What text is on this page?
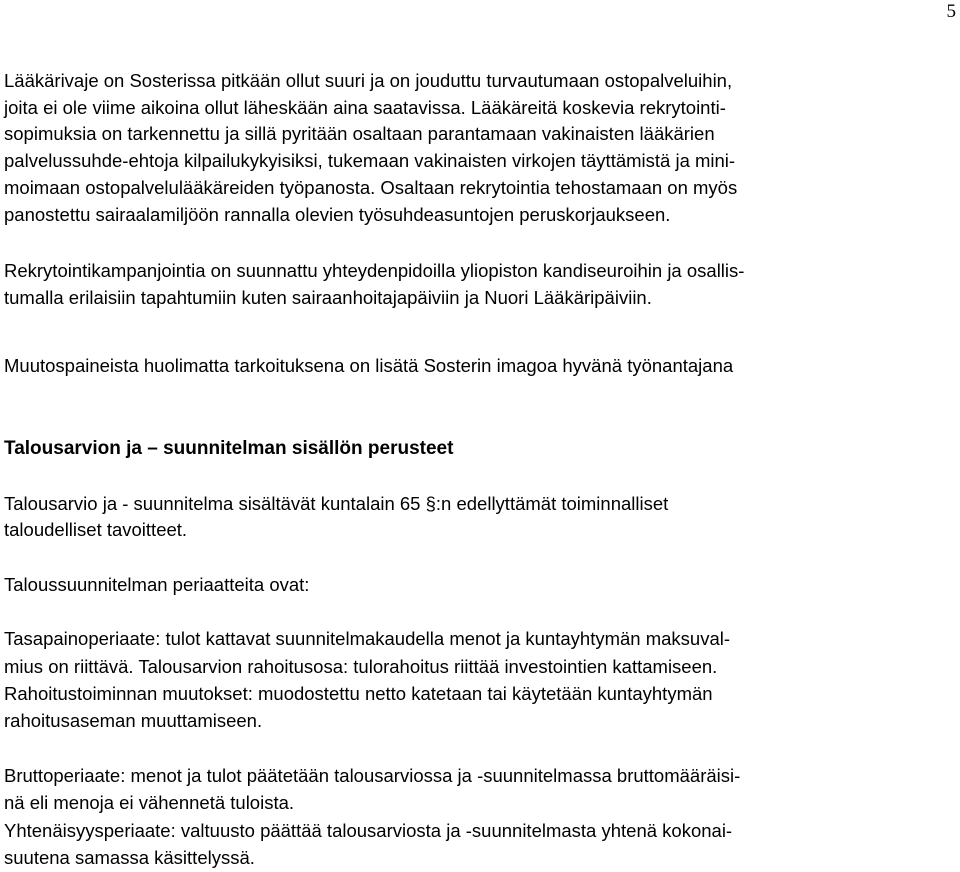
5
Lääkärivaje on Sosterissa pitkään ollut suuri ja on jouduttu turvautumaan ostopalveluihin,
joita ei ole viime aikoina ollut läheskään aina saatavissa. Lääkäreitä koskevia rekrytointi-
sopimuksia on tarkennettu ja sillä pyritään osaltaan parantamaan vakinaisten lääkärien
palvelussuhde-ehtoja kilpailukykyisiksi, tukemaan vakinaisten virkojen täyttämistä ja mini-
moimaan ostopalvelulääkäreiden työpanosta. Osaltaan rekrytointia tehostamaan on myös
panostettu sairaalamiljöön rannalla olevien työsuhdeasuntojen peruskorjaukseen.
Rekrytointikampanjointia on suunnattu yhteydenpidoilla yliopiston kandiseuroihin ja osallis-
tumalla erilaisiin tapahtumiin kuten sairaanhoitajapäiviin ja Nuori Lääkäripäiviin.
Muutospaineista huolimatta tarkoituksena on lisätä Sosterin imagoa hyvänä työnantajana
Talousarvion ja – suunnitelman sisällön perusteet
Talousarvio ja - suunnitelma sisältävät kuntalain 65 §:n edellyttämät toiminnalliset
taloudelliset tavoitteet.
Taloussuunnitelman periaatteita ovat:
Tasapainoperiaate: tulot kattavat suunnitelmakaudella menot ja kuntayhtymän maksuval-
mius on riittävä. Talousarvion rahoitusosa: tulorahoitus riittää investointien kattamiseen.
Rahoitustoiminnan muutokset: muodostettu netto katetaan tai käytetään kuntayhtymän
rahoitusaseman muuttamiseen.
Bruttoperiaate: menot ja tulot päätetään talousarviossa ja -suunnitelmassa bruttomääräisi-
nä eli menoja ei vähennetä tuloista.
Yhtenäisyysperiaate: valtuusto päättää talousarviosta ja -suunnitelmasta yhtenä kokonai-
suutena samassa käsittelyssä.
